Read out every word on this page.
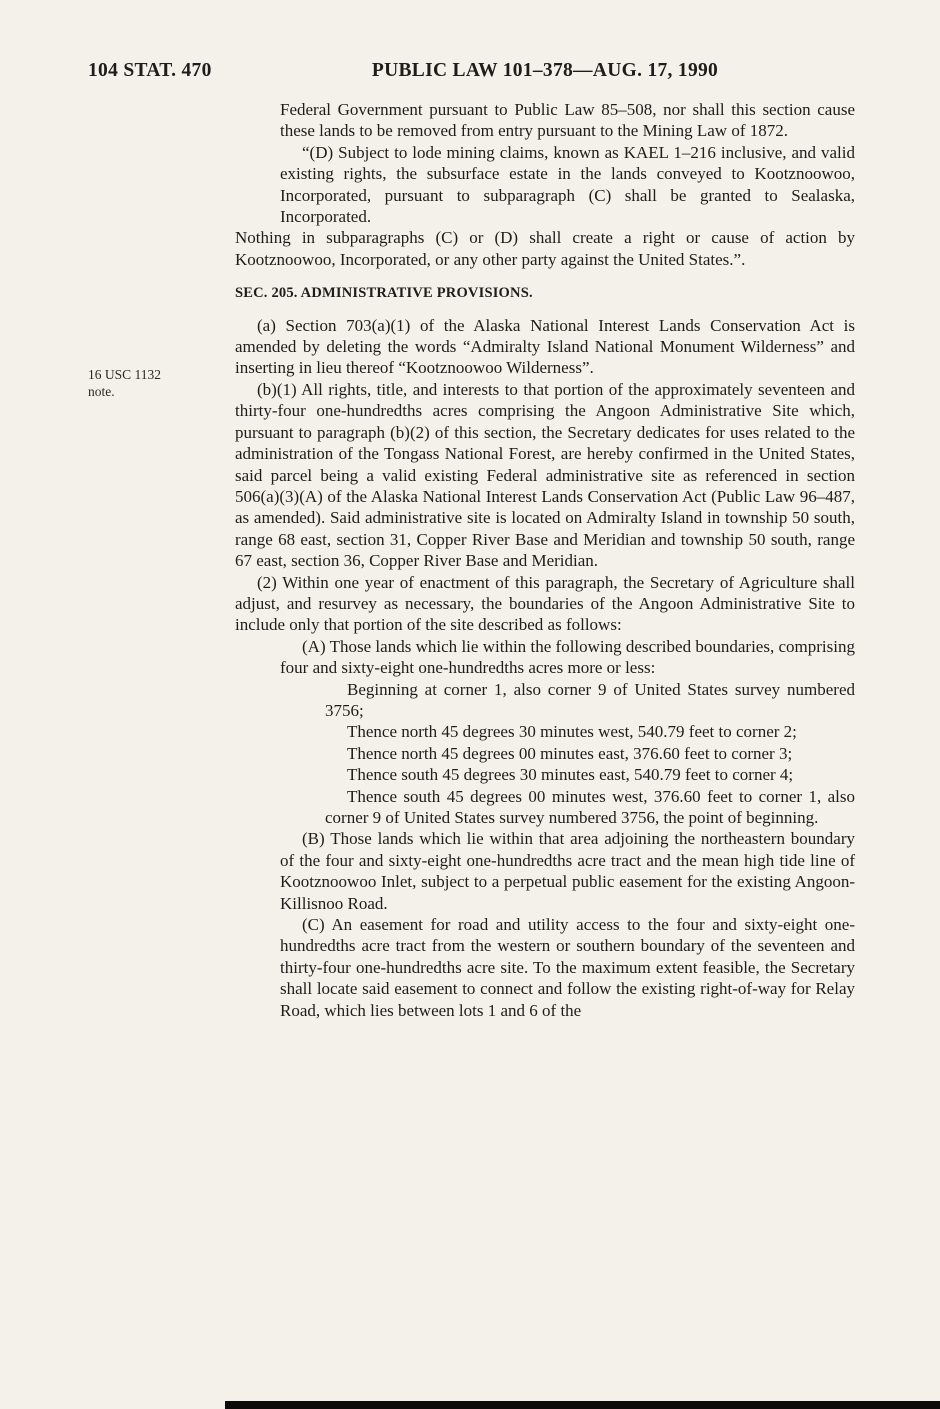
104 STAT. 470	PUBLIC LAW 101–378—AUG. 17, 1990
16 USC 1132
note.

Federal Government pursuant to Public Law 85–508, nor shall this section cause these lands to be removed from entry pursuant to the Mining Law of 1872.

“(D) Subject to lode mining claims, known as KAEL 1–216 inclusive, and valid existing rights, the subsurface estate in the lands conveyed to Kootznoowoo, Incorporated, pursuant to subparagraph (C) shall be granted to Sealaska, Incorporated.

Nothing in subparagraphs (C) or (D) shall create a right or cause of action by Kootznoowoo, Incorporated, or any other party against the United States.”.

SEC. 205. ADMINISTRATIVE PROVISIONS.

(a) Section 703(a)(1) of the Alaska National Interest Lands Conservation Act is amended by deleting the words “Admiralty Island National Monument Wilderness” and inserting in lieu thereof “Kootznoowoo Wilderness”.

(b)(1) All rights, title, and interests to that portion of the approximately seventeen and thirty-four one-hundredths acres comprising the Angoon Administrative Site which, pursuant to paragraph (b)(2) of this section, the Secretary dedicates for uses related to the administration of the Tongass National Forest, are hereby confirmed in the United States, said parcel being a valid existing Federal administrative site as referenced in section 506(a)(3)(A) of the Alaska National Interest Lands Conservation Act (Public Law 96–487, as amended). Said administrative site is located on Admiralty Island in township 50 south, range 68 east, section 31, Copper River Base and Meridian and township 50 south, range 67 east, section 36, Copper River Base and Meridian.

(2) Within one year of enactment of this paragraph, the Secretary of Agriculture shall adjust, and resurvey as necessary, the boundaries of the Angoon Administrative Site to include only that portion of the site described as follows:

(A) Those lands which lie within the following described boundaries, comprising four and sixty-eight one-hundredths acres more or less:

Beginning at corner 1, also corner 9 of United States survey numbered 3756;

Thence north 45 degrees 30 minutes west, 540.79 feet to corner 2;

Thence north 45 degrees 00 minutes east, 376.60 feet to corner 3;

Thence south 45 degrees 30 minutes east, 540.79 feet to corner 4;

Thence south 45 degrees 00 minutes west, 376.60 feet to corner 1, also corner 9 of United States survey numbered 3756, the point of beginning.

(B) Those lands which lie within that area adjoining the northeastern boundary of the four and sixty-eight one-hundredths acre tract and the mean high tide line of Kootznoowoo Inlet, subject to a perpetual public easement for the existing Angoon-Killisnoo Road.

(C) An easement for road and utility access to the four and sixty-eight one-hundredths acre tract from the western or southern boundary of the seventeen and thirty-four one-hundredths acre site. To the maximum extent feasible, the Secretary shall locate said easement to connect and follow the existing right-of-way for Relay Road, which lies between lots 1 and 6 of the
